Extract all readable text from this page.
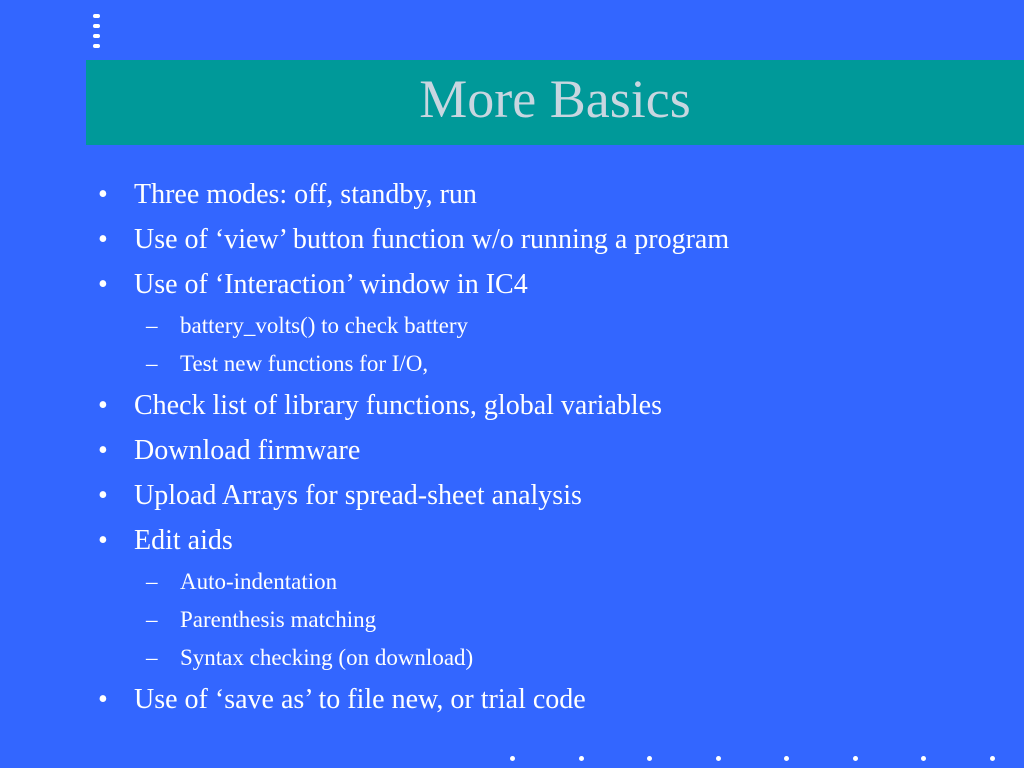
More Basics
• Three modes: off, standby, run
• Use of ‘view’ button function w/o running a program
• Use of ‘Interaction’ window in IC4
– battery_volts() to check battery
– Test new functions for I/O,
• Check list of library functions, global variables
• Download firmware
• Upload Arrays for spread-sheet analysis
• Edit aids
– Auto-indentation
– Parenthesis matching
– Syntax checking (on download)
• Use of ‘save as’ to file new, or trial code
